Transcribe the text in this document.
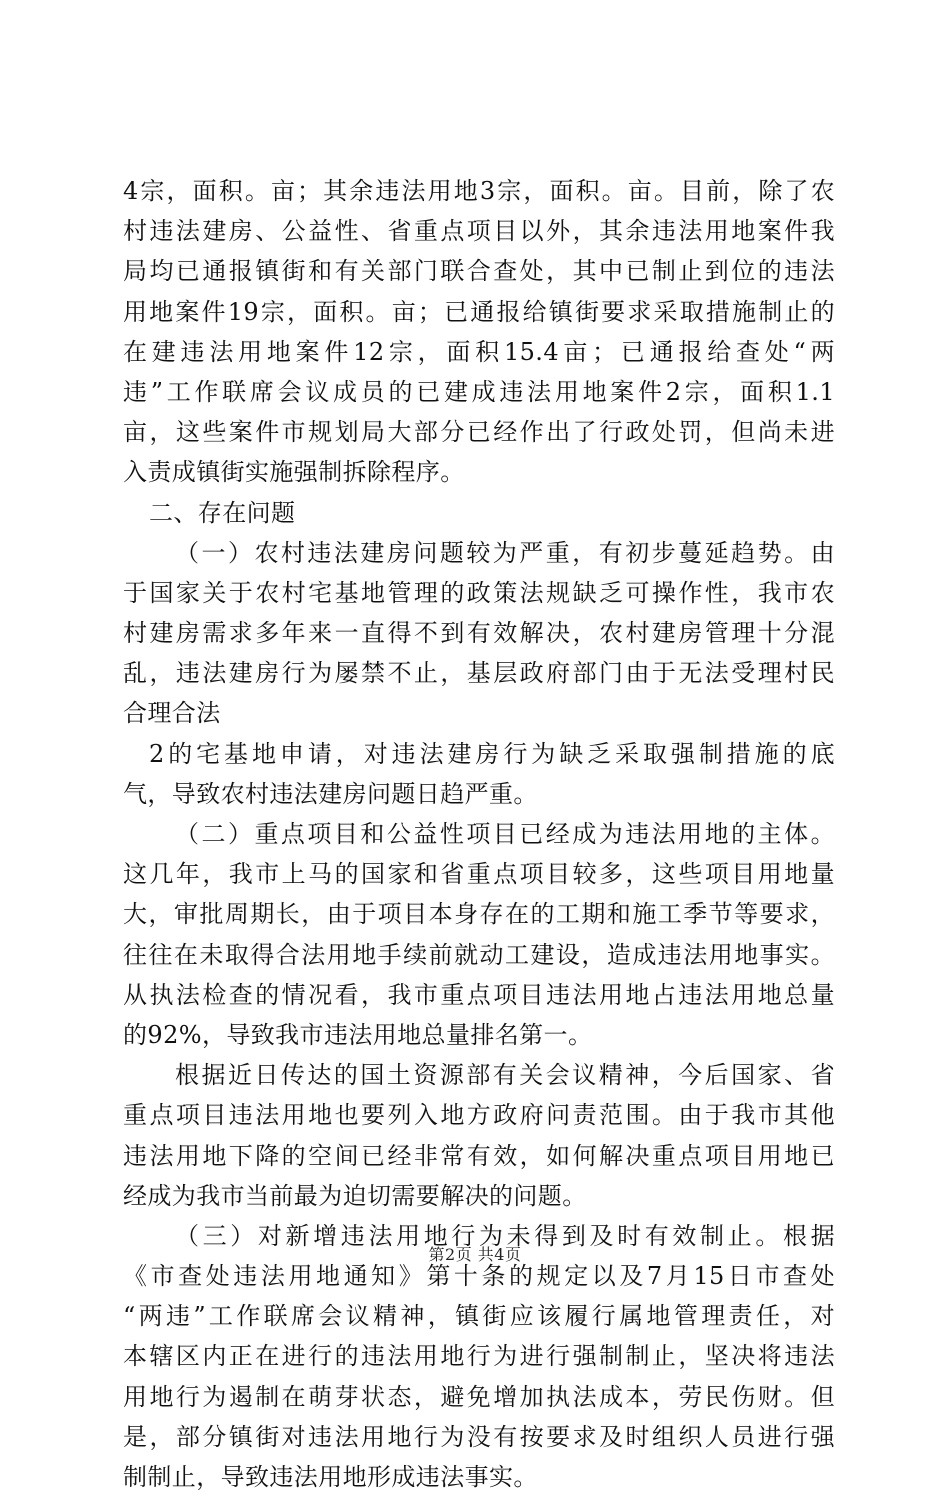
4宗，面积。亩；其余违法用地3宗，面积。亩。目前，除了农
村违法建房、公益性、省重点项目以外，其余违法用地案件我
局均已通报镇街和有关部门联合查处，其中已制止到位的违法
用地案件19宗，面积。亩；已通报给镇街要求采取措施制止的
在建违法用地案件12宗，面积15.4亩；已通报给查处“两
违”工作联席会议成员的已建成违法用地案件2宗，面积1.1
亩，这些案件市规划局大部分已经作出了行政处罚，但尚未进
入责成镇街实施强制拆除程序。
二、存在问题
（一）农村违法建房问题较为严重，有初步蔓延趋势。由
于国家关于农村宅基地管理的政策法规缺乏可操作性，我市农
村建房需求多年来一直得不到有效解决，农村建房管理十分混
乱，违法建房行为屡禁不止，基层政府部门由于无法受理村民
合理合法
2的宅基地申请，对违法建房行为缺乏采取强制措施的底
气，导致农村违法建房问题日趋严重。
（二）重点项目和公益性项目已经成为违法用地的主体。
这几年，我市上马的国家和省重点项目较多，这些项目用地量
大，审批周期长，由于项目本身存在的工期和施工季节等要求，
往往在未取得合法用地手续前就动工建设，造成违法用地事实。
从执法检查的情况看，我市重点项目违法用地占违法用地总量
的92%，导致我市违法用地总量排名第一。
根据近日传达的国土资源部有关会议精神，今后国家、省
重点项目违法用地也要列入地方政府问责范围。由于我市其他
违法用地下降的空间已经非常有效，如何解决重点项目用地已
经成为我市当前最为迫切需要解决的问题。
（三）对新增违法用地行为未得到及时有效制止。根据
《市查处违法用地通知》第十条的规定以及7月15日市查处
“两违”工作联席会议精神，镇街应该履行属地管理责任，对
本辖区内正在进行的违法用地行为进行强制制止，坚决将违法
用地行为遏制在萌芽状态，避免增加执法成本，劳民伤财。但
是，部分镇街对违法用地行为没有按要求及时组织人员进行强
制制止，导致违法用地形成违法事实。
第2页 共4页
